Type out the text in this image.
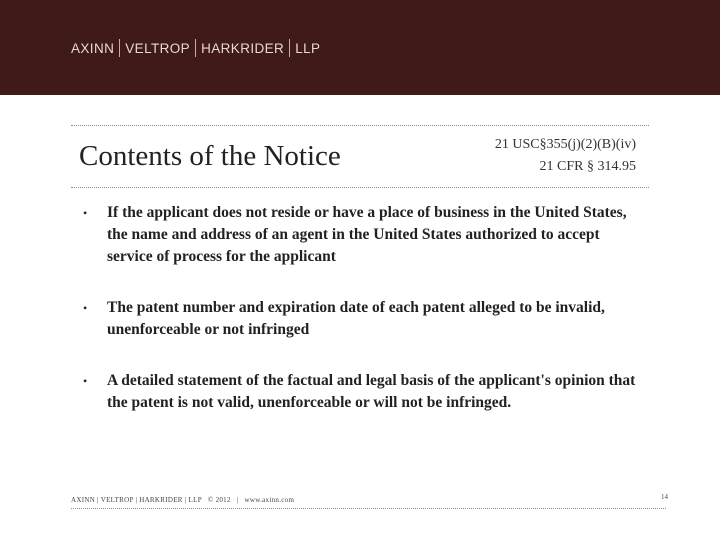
AXINN VELTROP HARKRIDER LLP
Contents of the Notice	21 USC§355(j)(2)(B)(iv)
21 CFR § 314.95
• If the applicant does not reside or have a place of business in the United States, the name and address of an agent in the United States authorized to accept service of process for the applicant
• The patent number and expiration date of each patent alleged to be invalid, unenforceable or not infringed
• A detailed statement of the factual and legal basis of the applicant's opinion that the patent is not valid, unenforceable or will not be infringed.
AXINN | VELTROP | HARKRIDER | LLP © 2012 | www.axinn.com	14
